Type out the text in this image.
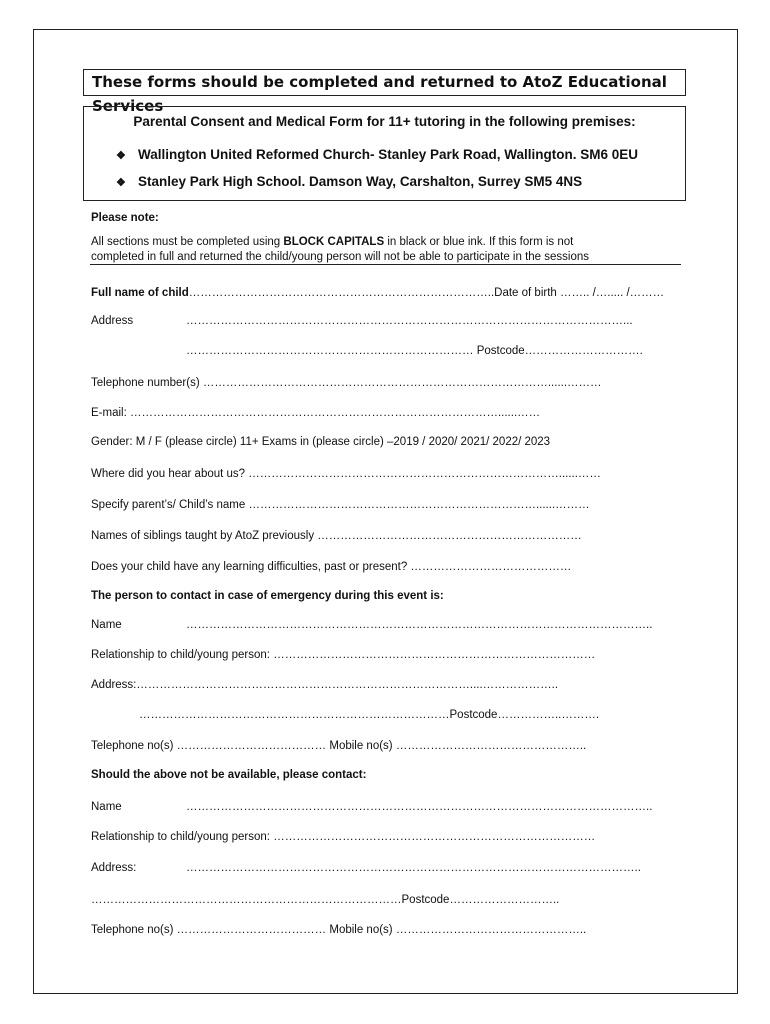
These forms should be completed and returned to AtoZ Educational Services
Parental Consent and Medical Form for 11+ tutoring in the following premises:
❖ Wallington United Reformed Church- Stanley Park Road, Wallington. SM6 0EU
❖ Stanley Park High School. Damson Way, Carshalton, Surrey SM5 4NS
Please note:
All sections must be completed using BLOCK CAPITALS in black or blue ink. If this form is not
completed in full and returned the child/young person will not be able to participate in the sessions
Full name of child……………………………………………………………………..Date of birth …….. /…..... /………
Address	……………………………………………………………………………………………………...
………………………………………………………………… Postcode………………………….
Telephone number(s) ………………………………………………………………………………......………
E-mail: ……………………………………………………………………………………......……
Gender: M / F (please circle) 11+ Exams in (please circle) –2019 / 2020/ 2021/ 2022/ 2023
Where did you hear about us? ………………………………………………………………………......……
Specify parent’s/ Child’s name …………………………………………………………………......………
Names of siblings taught by AtoZ previously ……………………………………………………………
Does your child have any learning difficulties, past or present? ……………………………………
The person to contact in case of emergency during this event is:
Name	…………………………………………………………………………………………………………..
Relationship to child/young person: …………………………………………………………………………
Address:……………………………………………………………………………....………………..
………………………………………………………………………Postcode……………..……….
Telephone no(s) ………………………………… Mobile no(s) …………………………………………..
Should the above not be available, please contact:
Name	…………………………………………………………………………………………………………..
Relationship to child/young person: …………………………………………………………………………
Address:	………………………………………………………………………………………………………..
………………………………………………………………………Postcode………………………..
Telephone no(s) ………………………………… Mobile no(s) …………………………………………..
